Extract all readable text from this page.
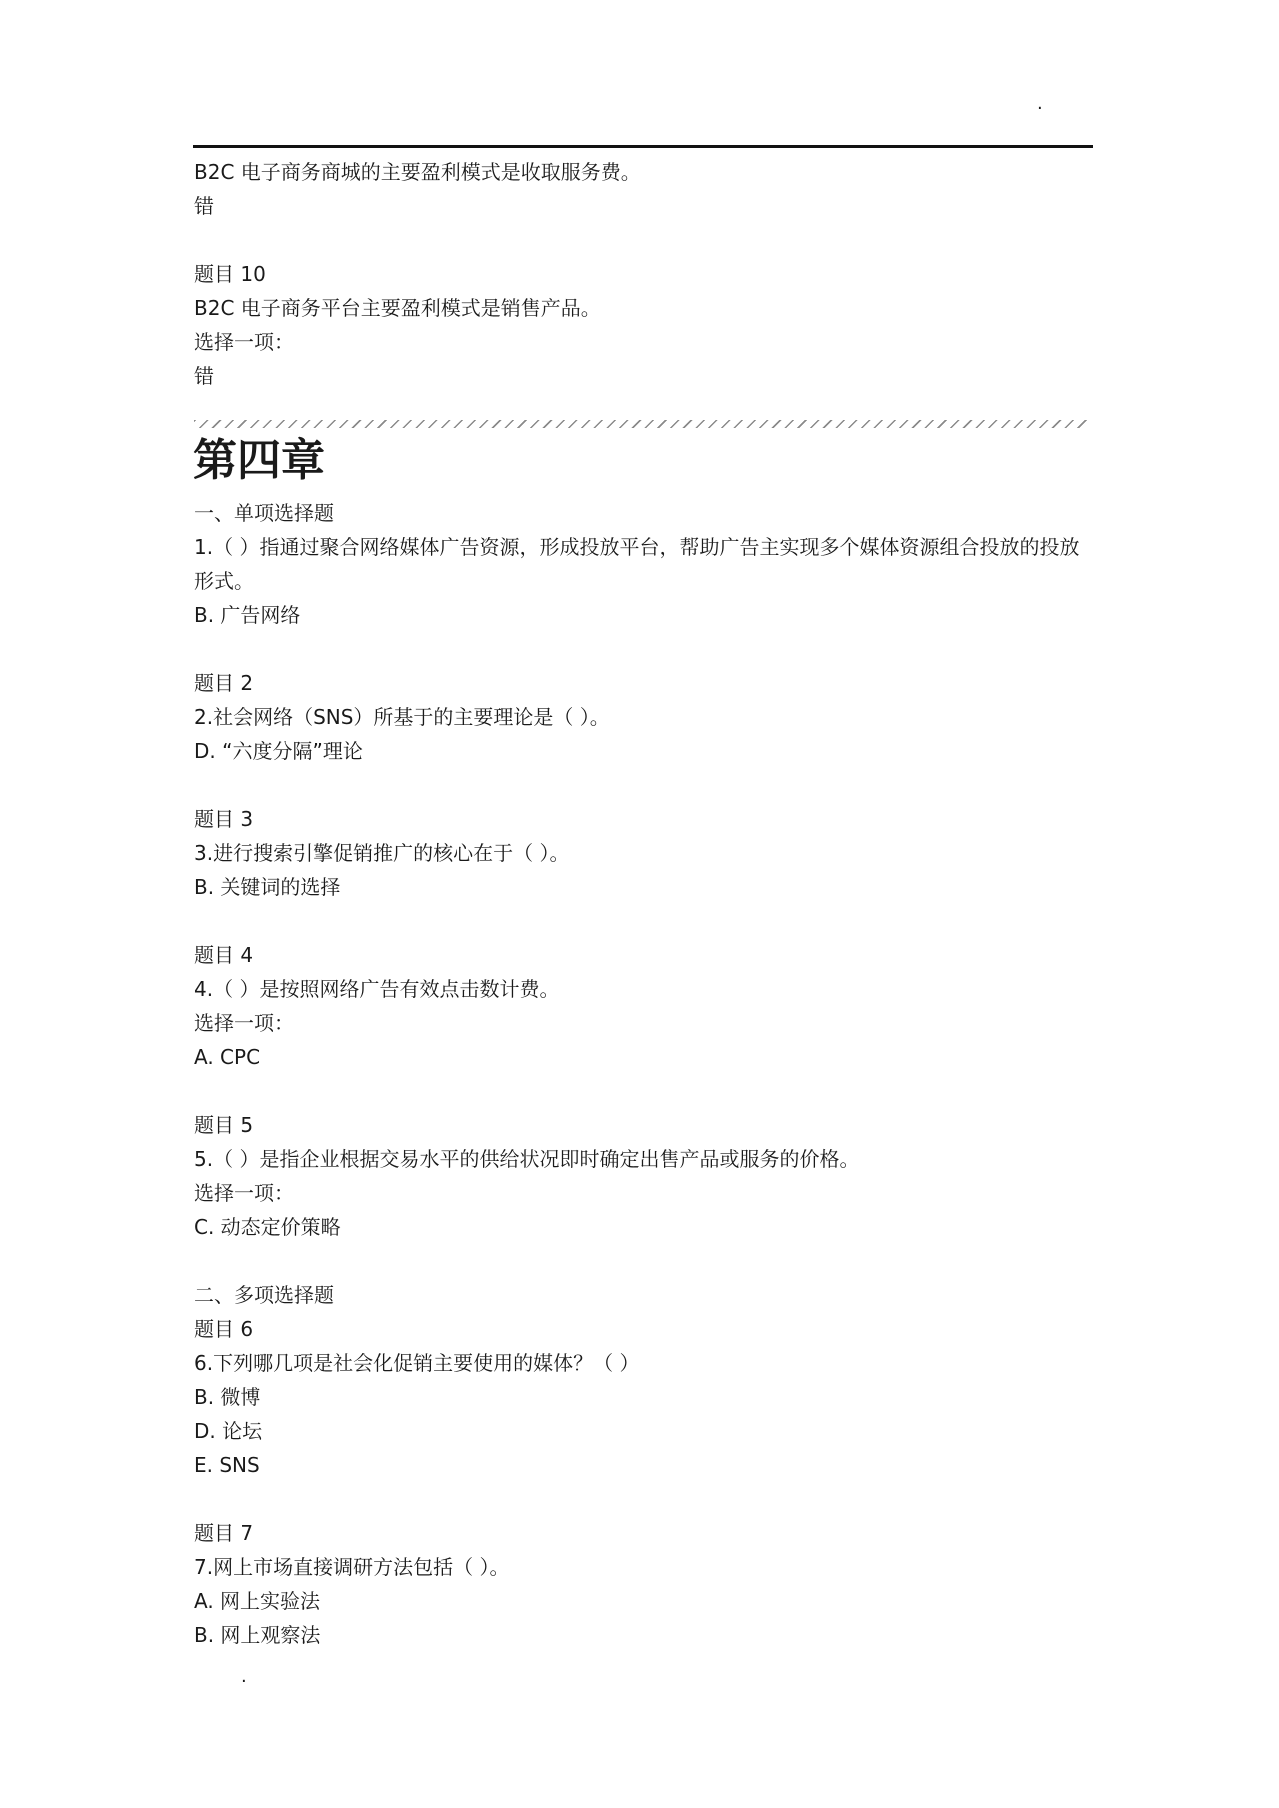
.
B2C 电子商务商城的主要盈利模式是收取服务费。
错
题目 10
B2C 电子商务平台主要盈利模式是销售产品。
选择一项：
错
第四章
一、单项选择题
1.（ ）指通过聚合网络媒体广告资源，形成投放平台，帮助广告主实现多个媒体资源组合投放的投放形式。
B. 广告网络
题目 2
2.社会网络（SNS）所基于的主要理论是（ ）。
D. “六度分隔”理论
题目 3
3.进行搜索引擎促销推广的核心在于（ ）。
B. 关键词的选择
题目 4
4.（ ）是按照网络广告有效点击数计费。
选择一项：
A. CPC
题目 5
5.（ ）是指企业根据交易水平的供给状况即时确定出售产品或服务的价格。
选择一项：
C. 动态定价策略
二、多项选择题
题目 6
6.下列哪几项是社会化促销主要使用的媒体？（ ）
B. 微博
D. 论坛
E. SNS
题目 7
7.网上市场直接调研方法包括（ ）。
A. 网上实验法
B. 网上观察法
.
